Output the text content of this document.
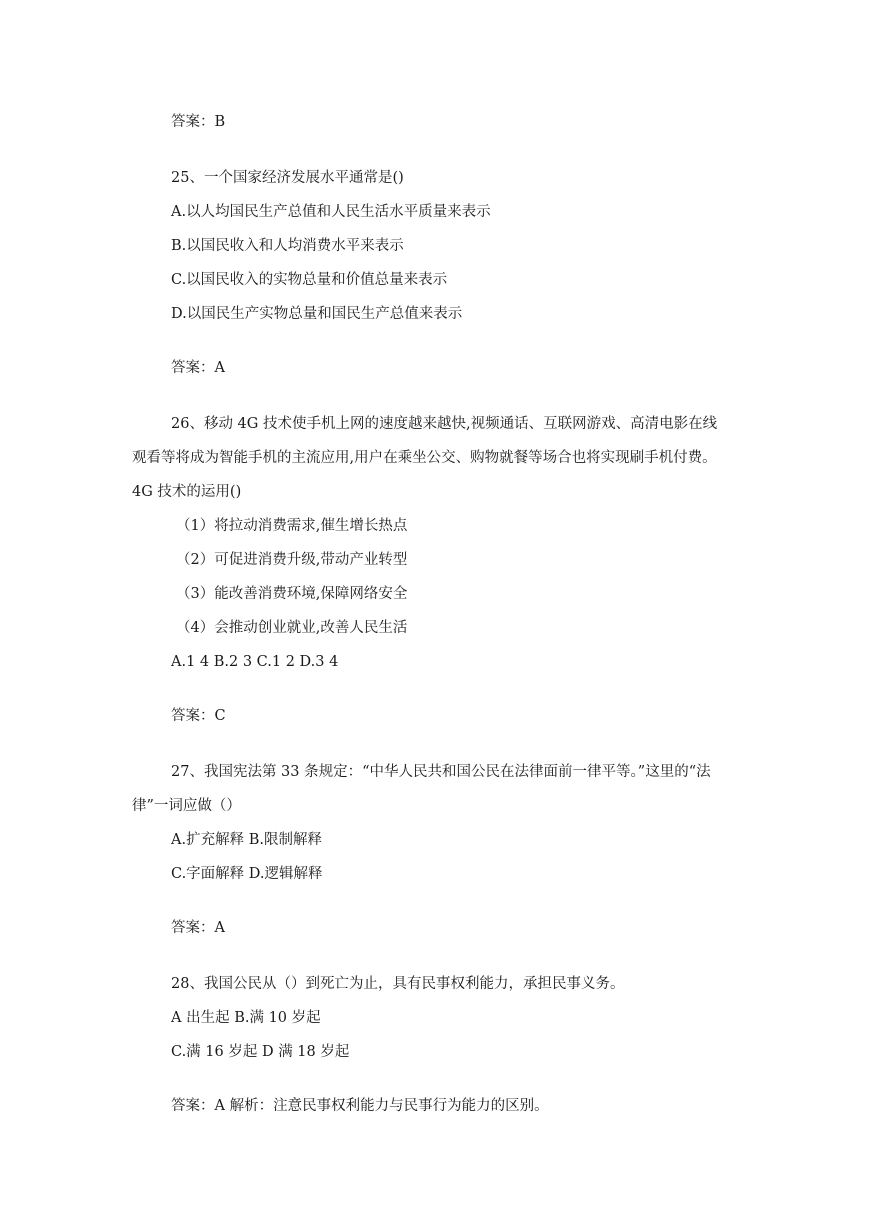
答案：B
25、一个国家经济发展水平通常是()
A.以人均国民生产总值和人民生活水平质量来表示
B.以国民收入和人均消费水平来表示
C.以国民收入的实物总量和价值总量来表示
D.以国民生产实物总量和国民生产总值来表示
答案：A
26、移动 4G 技术使手机上网的速度越来越快,视频通话、互联网游戏、高清电影在线
观看等将成为智能手机的主流应用,用户在乘坐公交、购物就餐等场合也将实现刷手机付费。
4G 技术的运用()
（1）将拉动消费需求,催生增长热点
（2）可促进消费升级,带动产业转型
（3）能改善消费环境,保障网络安全
（4）会推动创业就业,改善人民生活
A.1 4 B.2 3 C.1 2 D.3 4
答案：C
27、我国宪法第 33 条规定：“中华人民共和国公民在法律面前一律平等。”这里的“法
律”一词应做（）
A.扩充解释 B.限制解释
C.字面解释 D.逻辑解释
答案：A
28、我国公民从（）到死亡为止，具有民事权利能力，承担民事义务。
A 出生起 B.满 10 岁起
C.满 16 岁起 D 满 18 岁起
答案：A 解析：注意民事权利能力与民事行为能力的区别。
